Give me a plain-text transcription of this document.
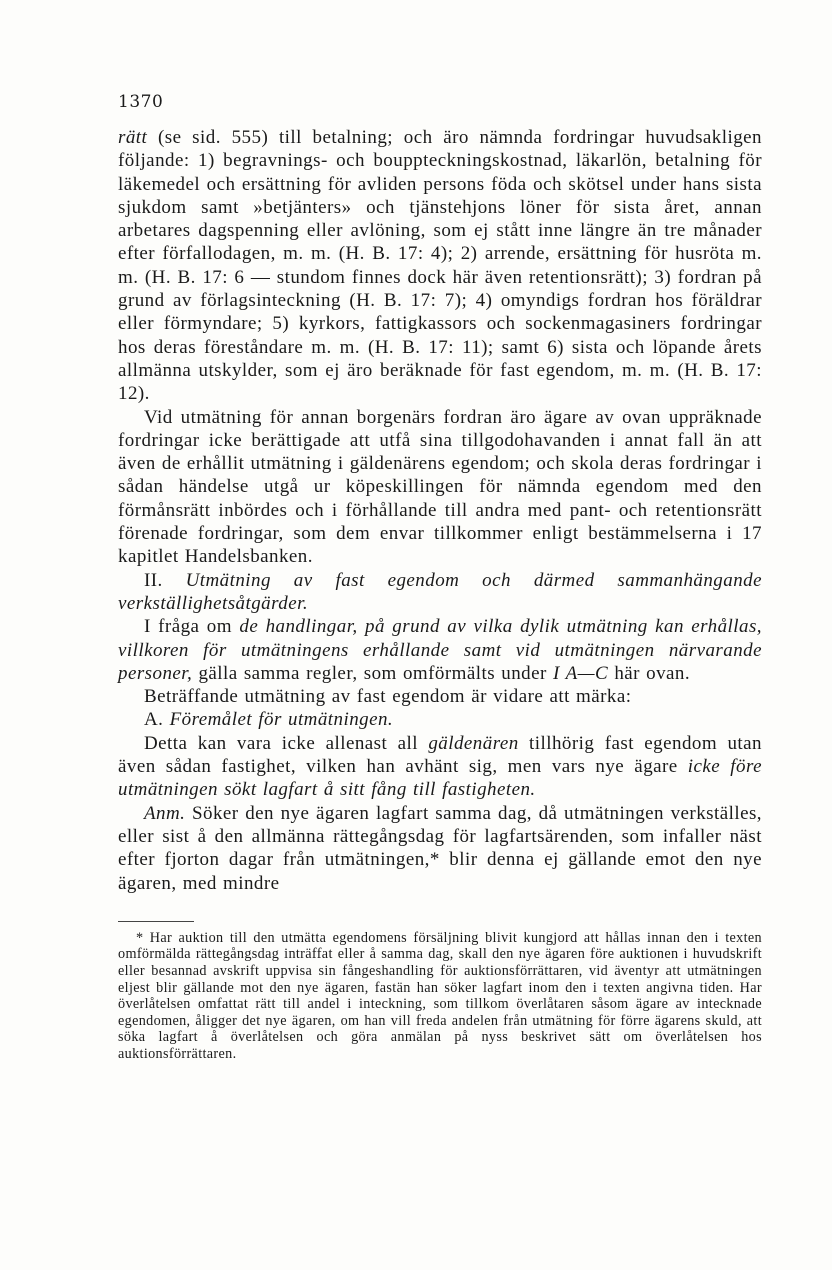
1370

rätt (se sid. 555) till betalning; och äro nämnda fordringar huvudsakligen följande: 1) begravnings- och bouppteckningskostnad, läkarlön, betalning för läkemedel och ersättning för avliden persons föda och skötsel under hans sista sjukdom samt »betjänters» och tjänstehjons löner för sista året, annan arbetares dagspenning eller avlöning, som ej stått inne längre än tre månader efter förfallodagen, m. m. (H. B. 17: 4); 2) arrende, ersättning för husröta m. m. (H. B. 17: 6 — stundom finnes dock här även retentionsrätt); 3) fordran på grund av förlagsinteckning (H. B. 17: 7); 4) omyndigs fordran hos föräldrar eller förmyndare; 5) kyrkors, fattigkassors och sockenmagasiners fordringar hos deras föreståndare m. m. (H. B. 17: 11); samt 6) sista och löpande årets allmänna utskylder, som ej äro beräknade för fast egendom, m. m. (H. B. 17: 12).

Vid utmätning för annan borgenärs fordran äro ägare av ovan uppräknade fordringar icke berättigade att utfå sina tillgodohavanden i annat fall än att även de erhållit utmätning i gäldenärens egendom; och skola deras fordringar i sådan händelse utgå ur köpeskillingen för nämnda egendom med den förmånsrätt inbördes och i förhållande till andra med pant- och retentionsrätt förenade fordringar, som dem envar tillkommer enligt bestämmelserna i 17 kapitlet Handelsbanken.

II. Utmätning av fast egendom och därmed sammanhängande verkställighetsåtgärder.

I fråga om de handlingar, på grund av vilka dylik utmätning kan erhållas, villkoren för utmätningens erhållande samt vid utmätningen närvarande personer, gälla samma regler, som omförmälts under I A—C här ovan.

Beträffande utmätning av fast egendom är vidare att märka:

A. Föremålet för utmätningen.

Detta kan vara icke allenast all gäldenären tillhörig fast egendom utan även sådan fastighet, vilken han avhänt sig, men vars nye ägare icke före utmätningen sökt lagfart å sitt fång till fastigheten.

Anm. Söker den nye ägaren lagfart samma dag, då utmätningen verkställes, eller sist å den allmänna rättegångsdag för lagfartsärenden, som infaller näst efter fjorton dagar från utmätningen,* blir denna ej gällande emot den nye ägaren, med mindre

* Har auktion till den utmätta egendomens försäljning blivit kungjord att hållas innan den i texten omförmälda rättegångsdag inträffat eller å samma dag, skall den nye ägaren före auktionen i huvudskrift eller besannad avskrift uppvisa sin fångeshandling för auktionsförrättaren, vid äventyr att utmätningen eljest blir gällande mot den nye ägaren, fastän han söker lagfart inom den i texten angivna tiden. Har överlåtelsen omfattat rätt till andel i inteckning, som tillkom överlåtaren såsom ägare av intecknade egendomen, åligger det nye ägaren, om han vill freda andelen från utmätning för förre ägarens skuld, att söka lagfart å överlåtelsen och göra anmälan på nyss beskrivet sätt om överlåtelsen hos auktionsförrättaren.
